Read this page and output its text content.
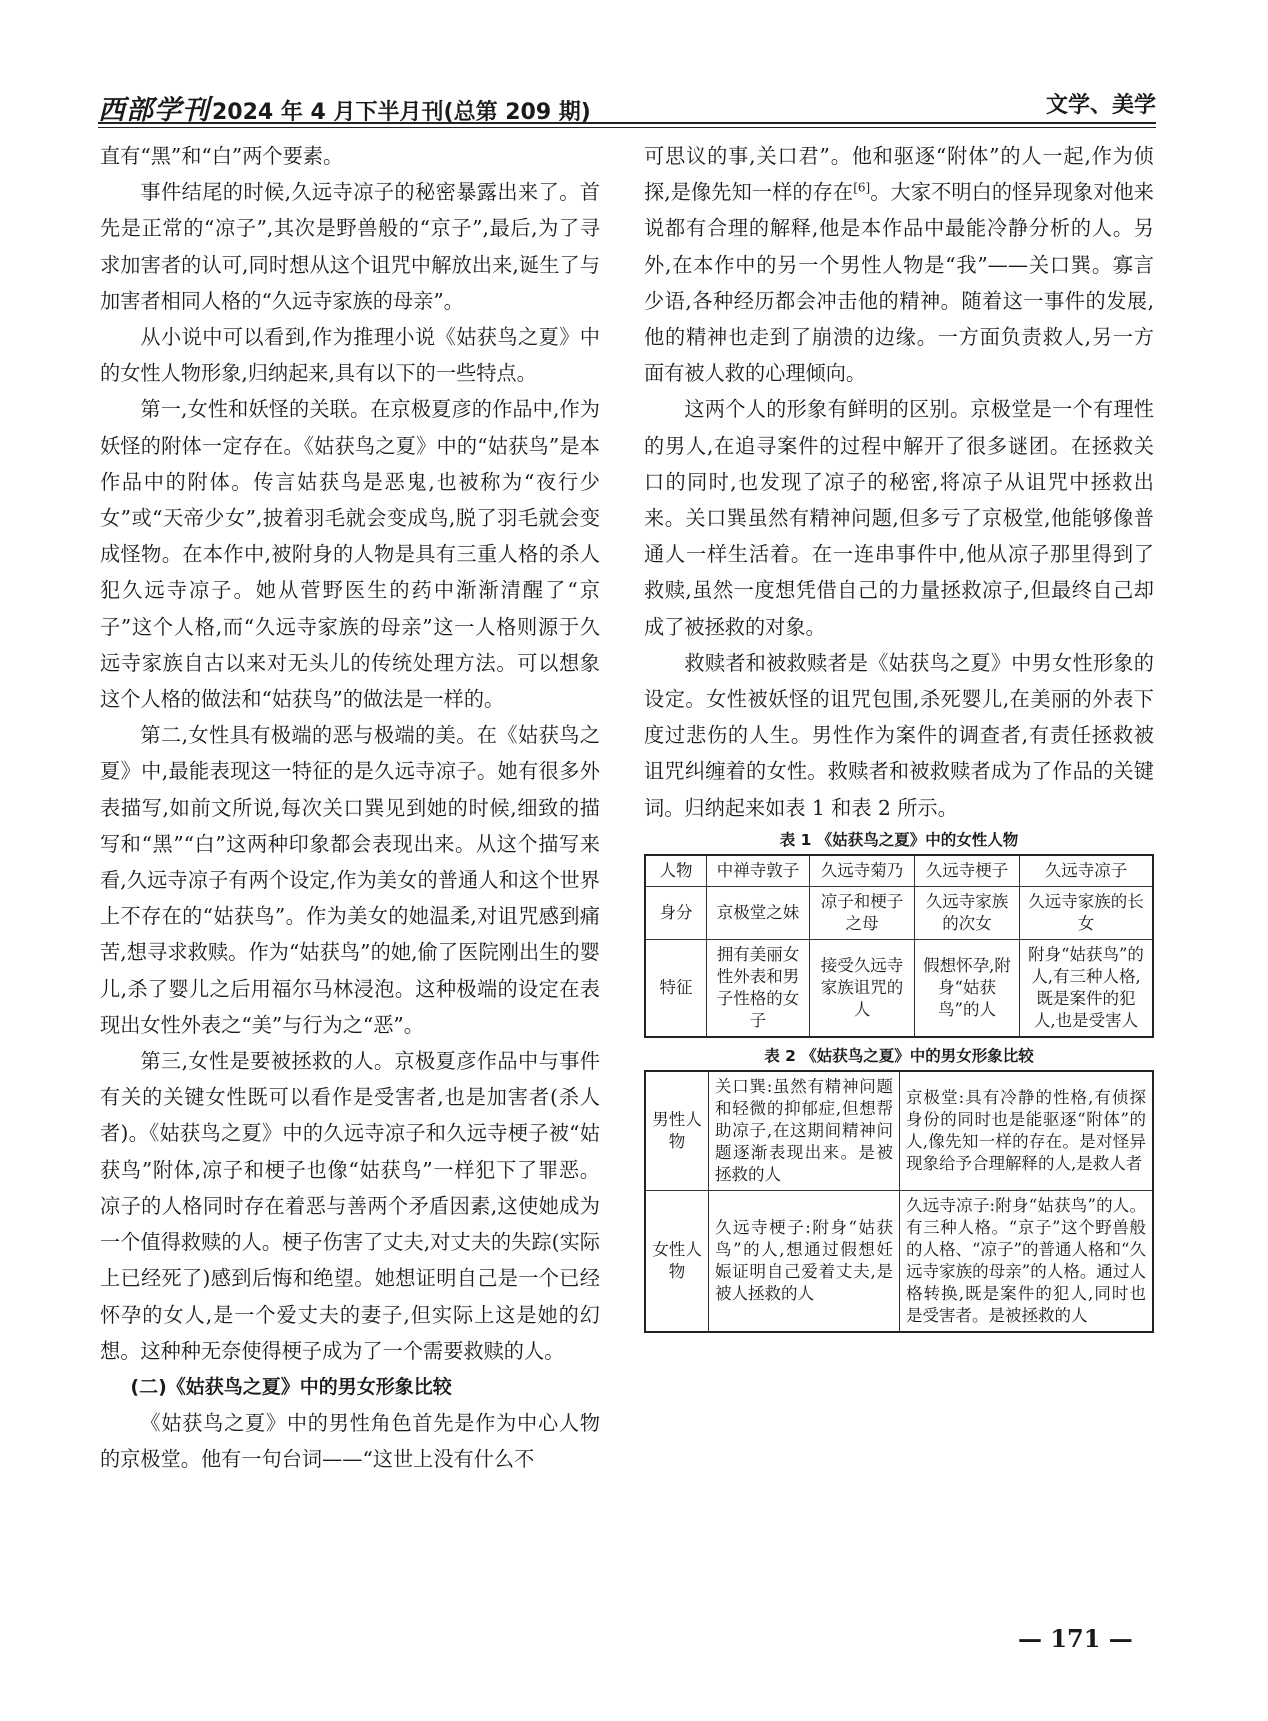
西部学刊 2024 年 4 月下半月刊(总第 209 期)	文学、美学

直有“黑”和“白”两个要素。

事件结尾的时候,久远寺凉子的秘密暴露出来了。首先是正常的“凉子”,其次是野兽般的“京子”,最后,为了寻求加害者的认可,同时想从这个诅咒中解放出来,诞生了与加害者相同人格的“久远寺家族的母亲”。

从小说中可以看到,作为推理小说《姑获鸟之夏》中的女性人物形象,归纳起来,具有以下的一些特点。

第一,女性和妖怪的关联。在京极夏彦的作品中,作为妖怪的附体一定存在。《姑获鸟之夏》中的“姑获鸟”是本作品中的附体。传言姑获鸟是恶鬼,也被称为“夜行少女”或“天帝少女”,披着羽毛就会变成鸟,脱了羽毛就会变成怪物。在本作中,被附身的人物是具有三重人格的杀人犯久远寺凉子。她从菅野医生的药中渐渐清醒了“京子”这个人格,而“久远寺家族的母亲”这一人格则源于久远寺家族自古以来对无头儿的传统处理方法。可以想象这个人格的做法和“姑获鸟”的做法是一样的。

第二,女性具有极端的恶与极端的美。在《姑获鸟之夏》中,最能表现这一特征的是久远寺凉子。她有很多外表描写,如前文所说,每次关口巽见到她的时候,细致的描写和“黑”“白”这两种印象都会表现出来。从这个描写来看,久远寺凉子有两个设定,作为美女的普通人和这个世界上不存在的“姑获鸟”。作为美女的她温柔,对诅咒感到痛苦,想寻求救赎。作为“姑获鸟”的她,偷了医院刚出生的婴儿,杀了婴儿之后用福尔马林浸泡。这种极端的设定在表现出女性外表之“美”与行为之“恶”。

第三,女性是要被拯救的人。京极夏彦作品中与事件有关的关键女性既可以看作是受害者,也是加害者(杀人者)。《姑获鸟之夏》中的久远寺凉子和久远寺梗子被“姑获鸟”附体,凉子和梗子也像“姑获鸟”一样犯下了罪恶。凉子的人格同时存在着恶与善两个矛盾因素,这使她成为一个值得救赎的人。梗子伤害了丈夫,对丈夫的失踪(实际上已经死了)感到后悔和绝望。她想证明自己是一个已经怀孕的女人,是一个爱丈夫的妻子,但实际上这是她的幻想。这种种无奈使得梗子成为了一个需要救赎的人。

(二)《姑获鸟之夏》中的男女形象比较

《姑获鸟之夏》中的男性角色首先是作为中心人物的京极堂。他有一句台词——“这世上没有什么不

可思议的事,关口君”。他和驱逐“附体”的人一起,作为侦探,是像先知一样的存在[6]。大家不明白的怪异现象对他来说都有合理的解释,他是本作品中最能冷静分析的人。另外,在本作中的另一个男性人物是“我”——关口巽。寡言少语,各种经历都会冲击他的精神。随着这一事件的发展,他的精神也走到了崩溃的边缘。一方面负责救人,另一方面有被人救的心理倾向。

这两个人的形象有鲜明的区别。京极堂是一个有理性的男人,在追寻案件的过程中解开了很多谜团。在拯救关口的同时,也发现了凉子的秘密,将凉子从诅咒中拯救出来。关口巽虽然有精神问题,但多亏了京极堂,他能够像普通人一样生活着。在一连串事件中,他从凉子那里得到了救赎,虽然一度想凭借自己的力量拯救凉子,但最终自己却成了被拯救的对象。

救赎者和被救赎者是《姑获鸟之夏》中男女性形象的设定。女性被妖怪的诅咒包围,杀死婴儿,在美丽的外表下度过悲伤的人生。男性作为案件的调查者,有责任拯救被诅咒纠缠着的女性。救赎者和被救赎者成为了作品的关键词。归纳起来如表 1 和表 2 所示。

表 1 《姑获鸟之夏》中的女性人物
人物	中禅寺敦子	久远寺菊乃	久远寺梗子	久远寺凉子
身分	京极堂之妹	凉子和梗子之母	久远寺家族的次女	久远寺家族的长女
特征	拥有美丽女性外表和男子性格的女子	接受久远寺家族诅咒的人	假想怀孕,附身“姑获鸟”的人	附身“姑获鸟”的人,有三种人格,既是案件的犯人,也是受害人
表 2 《姑获鸟之夏》中的男女形象比较
男性人物	关口巽:虽然有精神问题和轻微的抑郁症,但想帮助凉子,在这期间精神问题逐渐表现出来。是被拯救的人	京极堂:具有冷静的性格,有侦探身份的同时也是能驱逐“附体”的人,像先知一样的存在。是对怪异现象给予合理解释的人,是救人者
女性人物	久远寺梗子:附身“姑获鸟”的人,想通过假想妊娠证明自己爱着丈夫,是被人拯救的人	久远寺凉子:附身“姑获鸟”的人。有三种人格。“京子”这个野兽般的人格、“凉子”的普通人格和“久远寺家族的母亲”的人格。通过人格转换,既是案件的犯人,同时也是受害者。是被拯救的人
— 171 —
